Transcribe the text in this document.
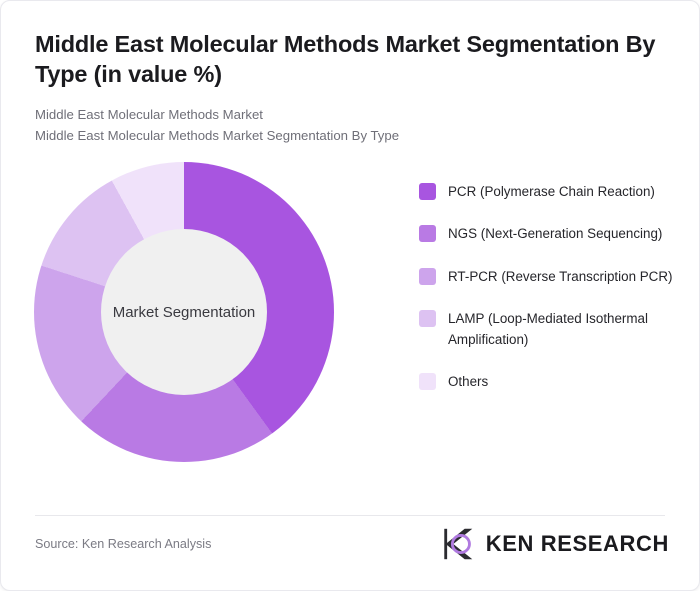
Middle East Molecular Methods Market Segmentation By Type (in value %)
Middle East Molecular Methods Market
Middle East Molecular Methods Market Segmentation By Type
Market Segmentation
PCR (Polymerase Chain Reaction)
NGS (Next-Generation Sequencing)
RT-PCR (Reverse Transcription PCR)
LAMP (Loop-Mediated Isothermal Amplification)
Others
Source: Ken Research Analysis	KEN RESEARCH
